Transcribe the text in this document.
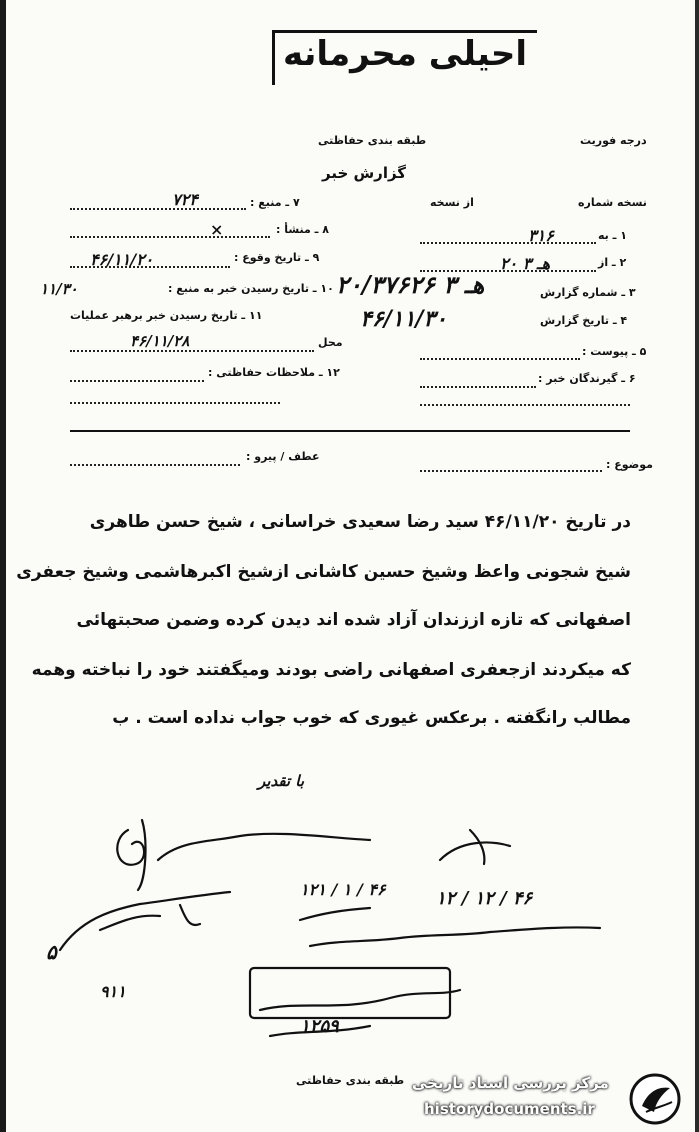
احیلی محرمانه
طبقه بندی حفاظتی	درجه فوریت
گزارش خبر
۷ ـ منبع :
۷۲۴
۸ ـ منشأ :
×
۹ ـ تاریخ وقوع :
۴۶/۱۱/۲۰
۱۰ ـ تاریخ رسیدن خبر به منبع :
۱۱/۳۰
۱۱ ـ تاریخ رسیدن خبر برهبر عملیات
محل
۴۶/۱۱/۲۸
۱۲ ـ ملاحظات حفاظتی :
نسخه شماره
از نسخه
۱ ـ به
۳۱۶
۲ ـ از
۲۰ هـ ۳
۳ ـ شماره گزارش
۲۰/۳۷۶۲۶ هـ ۳
۴ ـ تاریخ گزارش
۴۶/۱۱/۳۰
۵ ـ پیوست :
۶ ـ گیرندگان خبر :
موضوع :
عطف / پیرو :
در تاریخ ۴۶/۱۱/۲۰ سید رضا سعیدی خراسانی ، شیخ حسن طاهری
شیخ شجونی واعظ وشیخ حسین کاشانی ازشیخ اکبرهاشمی وشیخ جعفری
اصفهانی که تازه اززندان آزاد شده اند دیدن کرده وضمن صحبتهائی
که میکردند ازجعفری اصفهانی راضی بودند ومیگفتند خود را نباخته وهمه
مطالب رانگفته . برعکس غیوری که خوب جواب نداده است . ب
با تقدیر
۱۲ / ۱۲ / ۴۶
۱۲۱ / ۱ / ۴۶
۵
۹۱۱
۱۲۵۹
طبقه بندی حفاظتی مرکز بررسی اسناد تاریخی
historydocuments.ir
